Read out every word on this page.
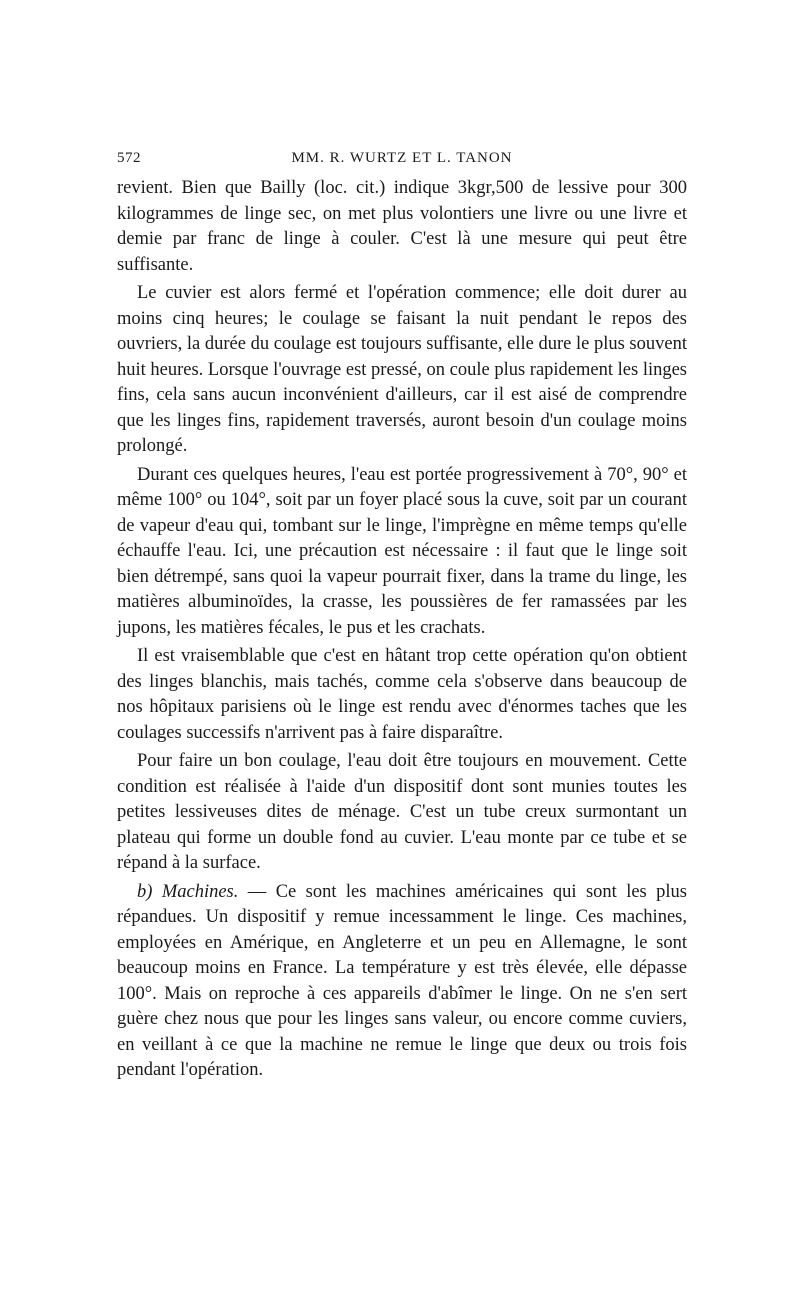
572	MM. R. WURTZ ET L. TANON

revient. Bien que Bailly (loc. cit.) indique 3kgr,500 de lessive pour 300 kilogrammes de linge sec, on met plus volontiers une livre ou une livre et demie par franc de linge à couler. C'est là une mesure qui peut être suffisante.

Le cuvier est alors fermé et l'opération commence; elle doit durer au moins cinq heures; le coulage se faisant la nuit pendant le repos des ouvriers, la durée du coulage est toujours suffisante, elle dure le plus souvent huit heures. Lorsque l'ouvrage est pressé, on coule plus rapidement les linges fins, cela sans aucun inconvénient d'ailleurs, car il est aisé de comprendre que les linges fins, rapidement traversés, auront besoin d'un coulage moins prolongé.

Durant ces quelques heures, l'eau est portée progressivement à 70°, 90° et même 100° ou 104°, soit par un foyer placé sous la cuve, soit par un courant de vapeur d'eau qui, tombant sur le linge, l'imprègne en même temps qu'elle échauffe l'eau. Ici, une précaution est nécessaire : il faut que le linge soit bien détrempé, sans quoi la vapeur pourrait fixer, dans la trame du linge, les matières albuminoïdes, la crasse, les poussières de fer ramassées par les jupons, les matières fécales, le pus et les crachats.

Il est vraisemblable que c'est en hâtant trop cette opération qu'on obtient des linges blanchis, mais tachés, comme cela s'observe dans beaucoup de nos hôpitaux parisiens où le linge est rendu avec d'énormes taches que les coulages successifs n'arrivent pas à faire disparaître.

Pour faire un bon coulage, l'eau doit être toujours en mouvement. Cette condition est réalisée à l'aide d'un dispositif dont sont munies toutes les petites lessiveuses dites de ménage. C'est un tube creux surmontant un plateau qui forme un double fond au cuvier. L'eau monte par ce tube et se répand à la surface.

b) Machines. — Ce sont les machines américaines qui sont les plus répandues. Un dispositif y remue incessamment le linge. Ces machines, employées en Amérique, en Angleterre et un peu en Allemagne, le sont beaucoup moins en France. La température y est très élevée, elle dépasse 100°. Mais on reproche à ces appareils d'abîmer le linge. On ne s'en sert guère chez nous que pour les linges sans valeur, ou encore comme cuviers, en veillant à ce que la machine ne remue le linge que deux ou trois fois pendant l'opération.
